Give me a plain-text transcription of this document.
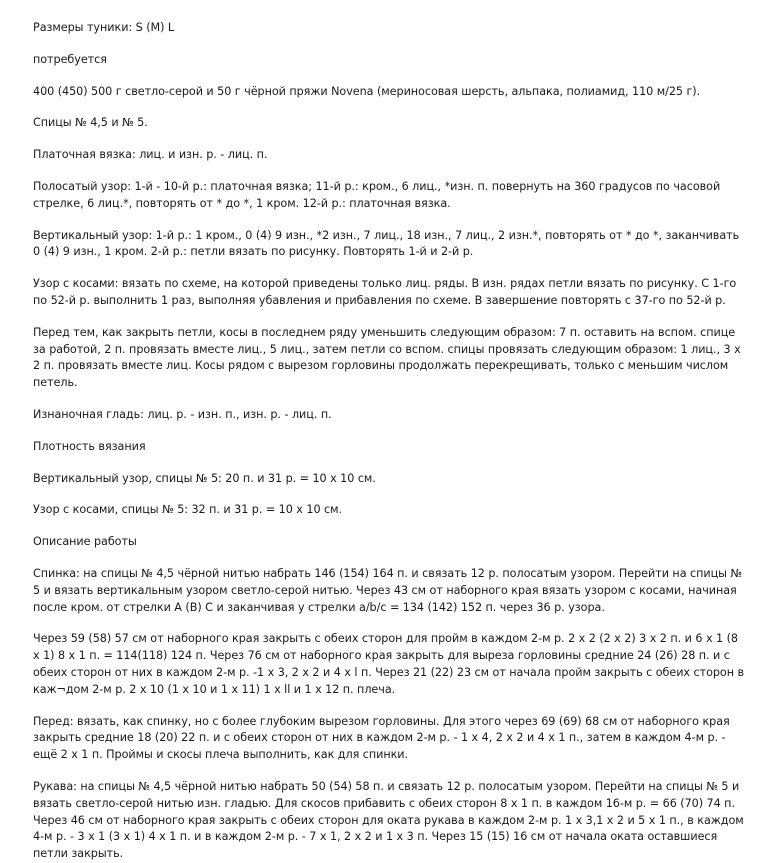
Размеры туники: S (M) L

потребуется

400 (450) 500 г светло-серой и 50 г чёрной пряжи Novena (мериносовая шерсть, альпака, полиамид, 110 м/25 г).

Спицы № 4,5 и № 5.

Платочная вязка: лиц. и изн. р. - лиц. п.

Полосатый узор: 1-й - 10-й р.: платочная вязка; 11-й р.: кром., 6 лиц., *изн. п. повернуть на 360 градусов по часовой стрелке, 6 лиц.*, повторять от * до *, 1 кром. 12-й р.: платочная вязка.

Вертикальный узор: 1-й р.: 1 кром., 0 (4) 9 изн., *2 изн., 7 лиц., 18 изн., 7 лиц., 2 изн.*, повторять от * до *, заканчивать 0 (4) 9 изн., 1 кром. 2-й р.: петли вязать по рисунку. Повторять 1-й и 2-й р.

Узор с косами: вязать по схеме, на которой приведены только лиц. ряды. В изн. рядах петли вязать по рисунку. С 1-го по 52-й р. выполнить 1 раз, выполняя убавления и прибавления по схеме. В завершение повторять с 37-го по 52-й р.

Перед тем, как закрыть петли, косы в последнем ряду уменьшить следующим образом: 7 п. оставить на вспом. спице за работой, 2 п. провязать вместе лиц., 5 лиц., затем петли со вспом. спицы провязать следующим образом: 1 лиц., 3 х 2 п. провязать вместе лиц. Косы рядом с вырезом горловины продолжать перекрещивать, только с меньшим числом петель.

Изнаночная гладь: лиц. р. - изн. п., изн. р. - лиц. п.

Плотность вязания

Вертикальный узор, спицы № 5: 20 п. и 31 р. = 10 х 10 см.

Узор с косами, спицы № 5: 32 п. и 31 р. = 10 х 10 см.

Описание работы

Спинка: на спицы № 4,5 чёрной нитью набрать 146 (154) 164 п. и связать 12 р. полосатым узором. Перейти на спицы № 5 и вязать вертикальным узором светло-серой нитью. Через 43 см от наборного края вязать узором с косами, начиная после кром. от стрелки А (В) С и заканчивая у стрелки a/b/c = 134 (142) 152 п. через 36 р. узора.

Через 59 (58) 57 см от наборного края закрыть с обеих сторон для пройм в каждом 2-м р. 2 х 2 (2 х 2) 3 х 2 п. и 6 х 1 (8 х 1) 8 х 1 п. = 114(118) 124 п. Через 76 см от наборного края закрыть для выреза горловины средние 24 (26) 28 п. и с обеих сторон от них в каждом 2-м р. -1 х 3, 2 х 2 и 4 х l п. Через 21 (22) 23 см от начала пройм закрыть с обеих сторон в кaж¬дом 2-м р. 2 х 10 (1 х 10 и 1 х 11) 1 х ll и 1 х 12 п. плеча.

Перед: вязать, как спинку, но с более глубоким вырезом горловины. Для этого через 69 (69) 68 см от наборного края закрыть средние 18 (20) 22 п. и с обеих сторон от них в каждом 2-м р. - 1 х 4, 2 х 2 и 4 х 1 п., затем в каждом 4-м р. - ещё 2 х 1 п. Проймы и скосы плеча выполнить, как для спинки.

Рукава: на спицы № 4,5 чёрной нитью набрать 50 (54) 58 п. и связать 12 р. полосатым узором. Перейти на спицы № 5 и вязать светло-серой нитью изн. гладью. Для скосов прибавить с обеих сторон 8 х 1 п. в каждом 16-м р. = 66 (70) 74 п. Через 46 см от наборного края закрыть с обеих сторон для оката рукава в каждом 2-м р. 1 х 3,1 х 2 и 5 х 1 п., в каждом 4-м р. - 3 х 1 (3 х 1) 4 х 1 п. и в каждом 2-м р. - 7 х 1, 2 х 2 и 1 х 3 п. Через 15 (15) 16 см от начала оката оставшиеся петли закрыть.
